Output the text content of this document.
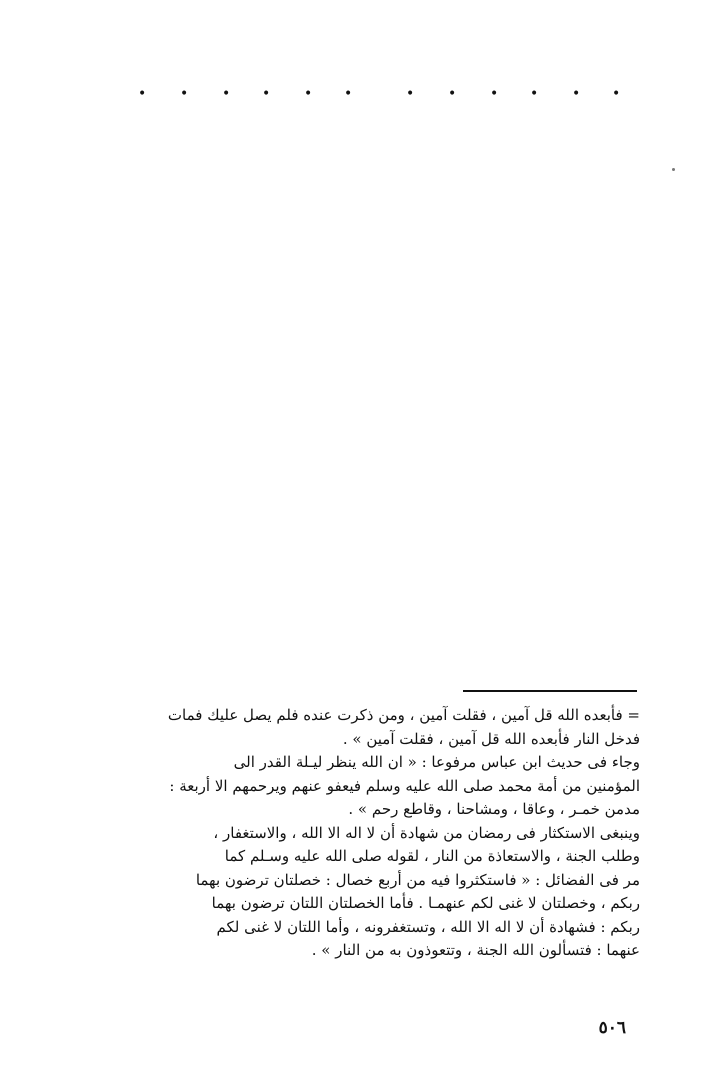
• • • • • •	• • • • • •
= فأبعده الله قل آمين ، فقلت آمين ، ومن ذكرت عنده فلم يصل عليك فمات
فدخل النار فأبعده الله قل آمين ، فقلت آمين » .
وجاء فى حديث ابن عباس مرفوعا : « ان الله ينظر ليـلة القدر الى
المؤمنين من أمة محمد صلى الله عليه وسلم فيعفو عنهم ويرحمهم الا أربعة :
مدمن خمـر ، وعاقا ، ومشاحنا ، وقاطع رحم » .
وينبغى الاستكثار فى رمضان من شهادة أن لا اله الا الله ، والاستغفار ،
وطلب الجنة ، والاستعاذة من النار ، لقوله صلى الله عليه وسـلم كما
مر فى الفضائل : « فاستكثروا فيه من أربع خصال : خصلتان ترضون بهما
ربكم ، وخصلتان لا غنى لكم عنهمـا . فأما الخصلتان اللتان ترضون بهما
ربكم : فشهادة أن لا اله الا الله ، وتستغفرونه ، وأما اللتان لا غنى لكم
عنهما : فتسألون الله الجنة ، وتتعوذون به من النار » .
٥٠٦
